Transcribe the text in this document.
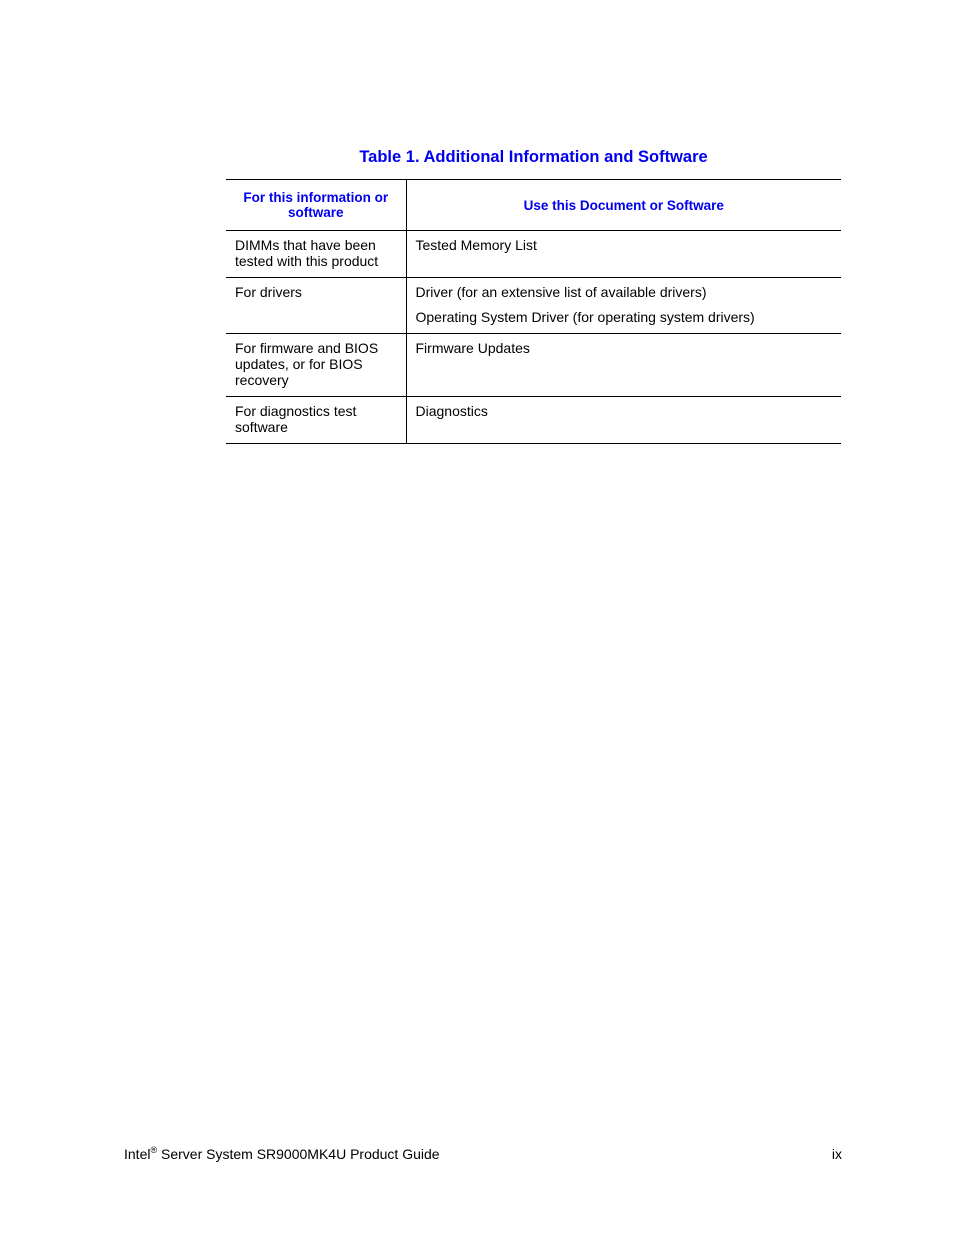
Table 1. Additional Information and Software
For this information or software	Use this Document or Software

DIMMs that have been tested with this product	Tested Memory List

For drivers	Driver (for an extensive list of available drivers)

Operating System Driver (for operating system drivers)

For firmware and BIOS updates, or for BIOS recovery	Firmware Updates

For diagnostics test software	Diagnostics

Intel® Server System SR9000MK4U Product Guide	ix
